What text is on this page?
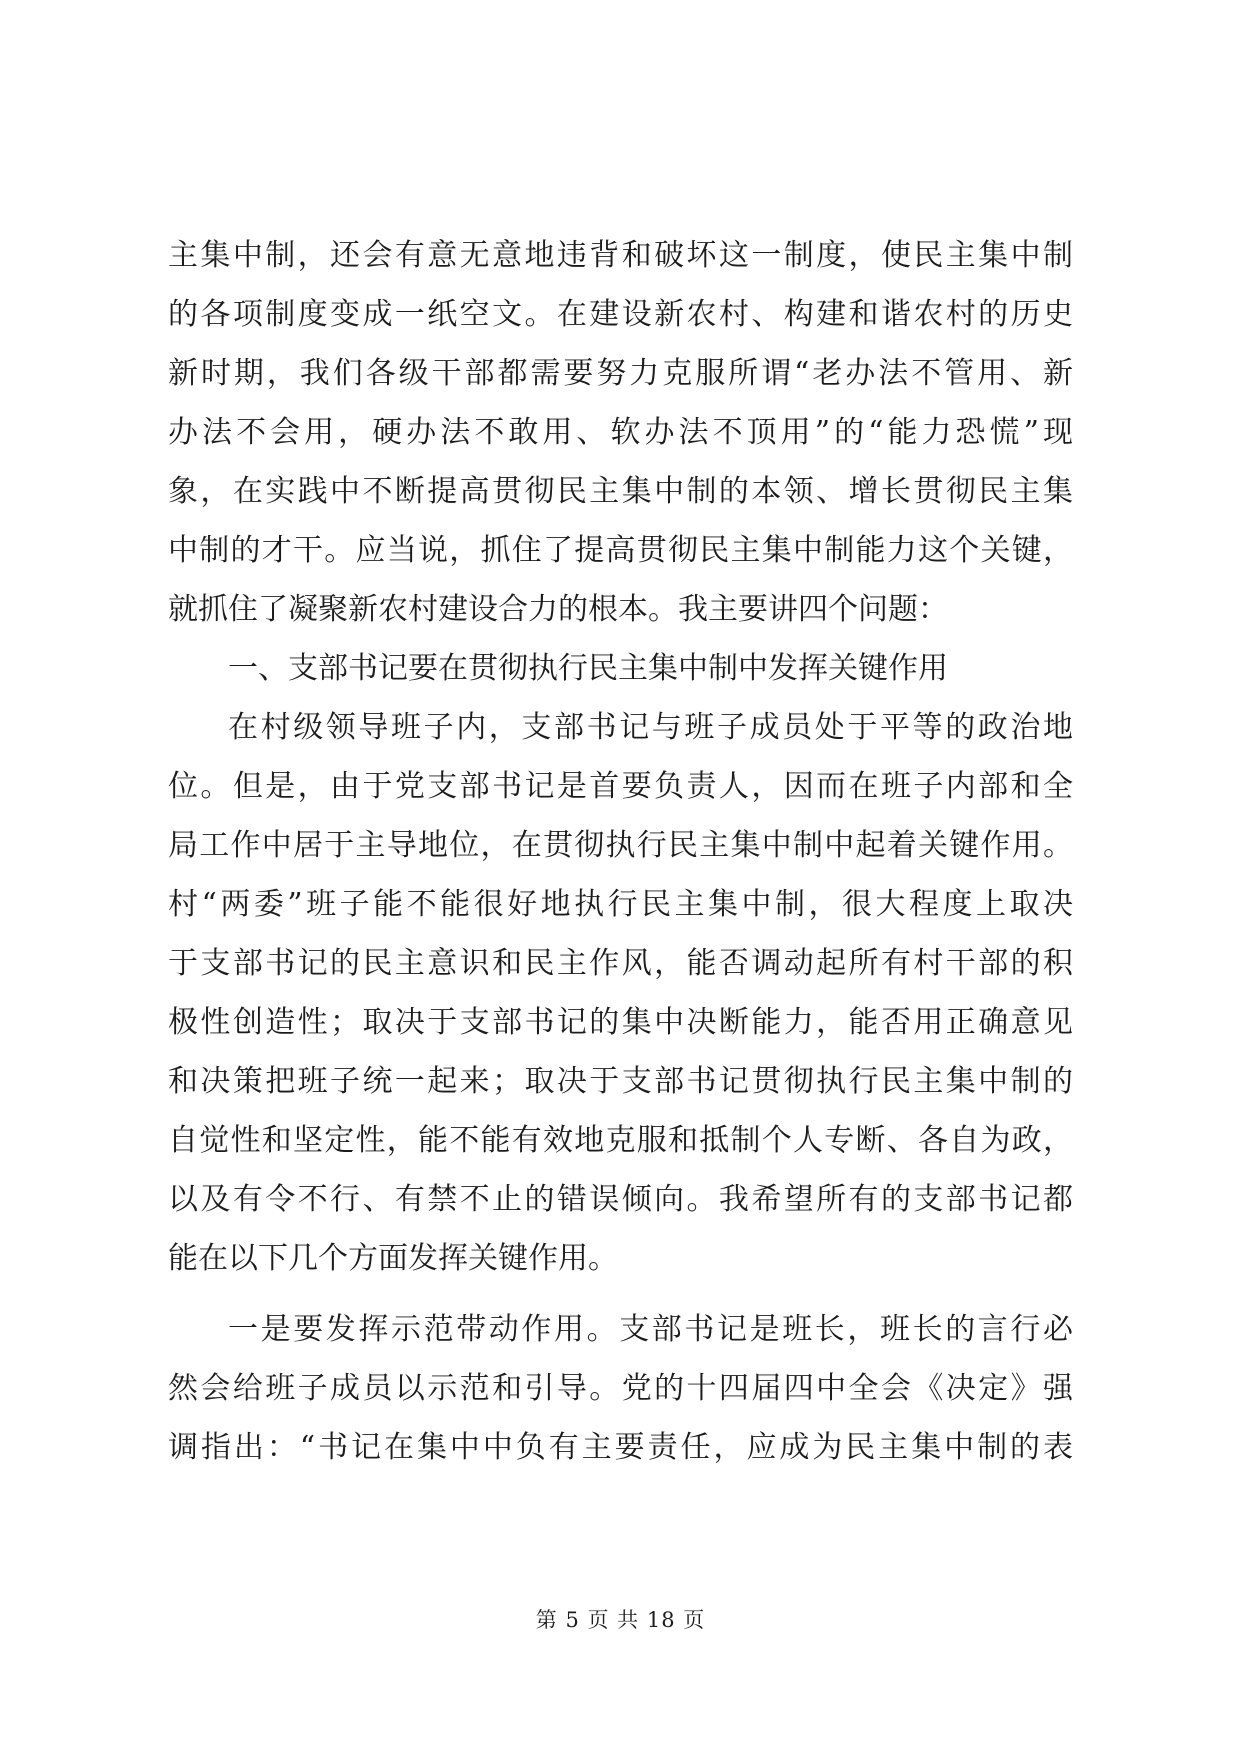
主集中制，还会有意无意地违背和破坏这一制度，使民主集中制
的各项制度变成一纸空文。在建设新农村、构建和谐农村的历史
新时期，我们各级干部都需要努力克服所谓“老办法不管用、新
办法不会用，硬办法不敢用、软办法不顶用”的“能力恐慌”现
象，在实践中不断提高贯彻民主集中制的本领、增长贯彻民主集
中制的才干。应当说，抓住了提高贯彻民主集中制能力这个关键，
就抓住了凝聚新农村建设合力的根本。我主要讲四个问题：
一、支部书记要在贯彻执行民主集中制中发挥关键作用
在村级领导班子内，支部书记与班子成员处于平等的政治地
位。但是，由于党支部书记是首要负责人，因而在班子内部和全
局工作中居于主导地位，在贯彻执行民主集中制中起着关键作用。
村“两委”班子能不能很好地执行民主集中制，很大程度上取决
于支部书记的民主意识和民主作风，能否调动起所有村干部的积
极性创造性；取决于支部书记的集中决断能力，能否用正确意见
和决策把班子统一起来；取决于支部书记贯彻执行民主集中制的
自觉性和坚定性，能不能有效地克服和抵制个人专断、各自为政，
以及有令不行、有禁不止的错误倾向。我希望所有的支部书记都
能在以下几个方面发挥关键作用。
一是要发挥示范带动作用。支部书记是班长，班长的言行必
然会给班子成员以示范和引导。党的十四届四中全会《决定》强
调指出：“书记在集中中负有主要责任，应成为民主集中制的表
第 5 页 共 18 页
